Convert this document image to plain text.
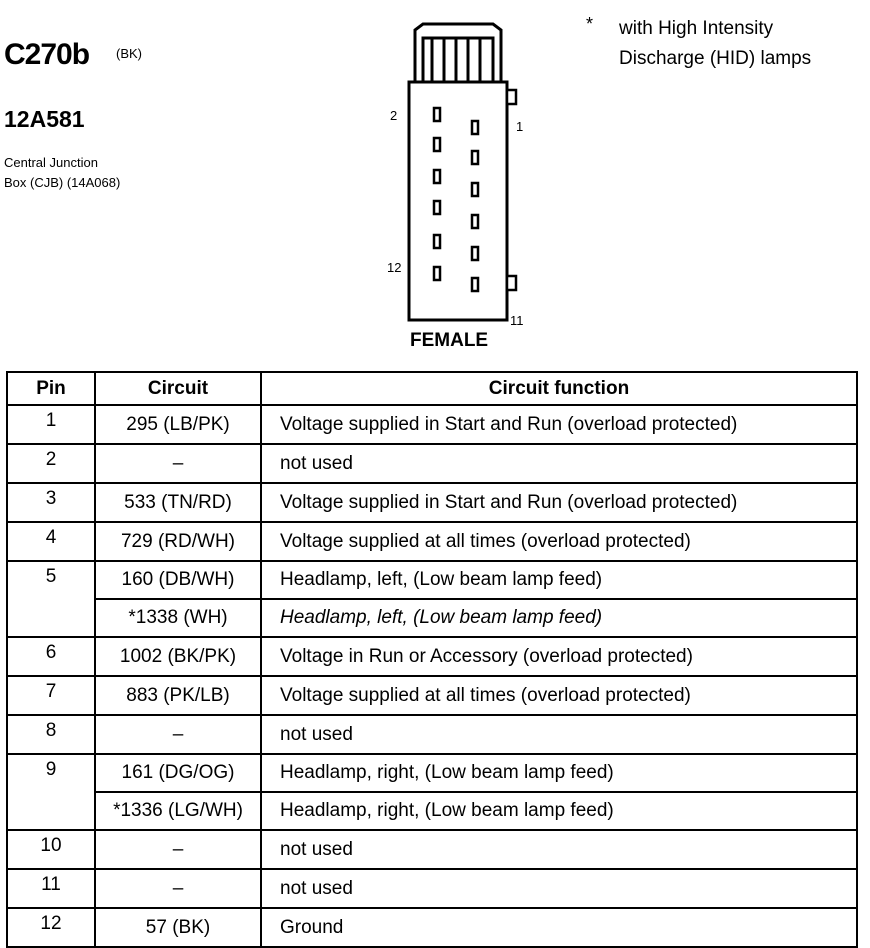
C270b (BK)
12A581
Central Junction
Box (CJB) (14A068)
* with High Intensity
Discharge (HID) lamps
2
1
12
11
FEMALE
Pin	Circuit	Circuit function
1	295 (LB/PK)	Voltage supplied in Start and Run (overload protected)
2	–	not used
3	533 (TN/RD)	Voltage supplied in Start and Run (overload protected)
4	729 (RD/WH)	Voltage supplied at all times (overload protected)
5	160 (DB/WH)	Headlamp, left, (Low beam lamp feed)
	*1338 (WH)	Headlamp, left, (Low beam lamp feed)
6	1002 (BK/PK)	Voltage in Run or Accessory (overload protected)
7	883 (PK/LB)	Voltage supplied at all times (overload protected)
8	–	not used
9	161 (DG/OG)	Headlamp, right, (Low beam lamp feed)
	*1336 (LG/WH)	Headlamp, right, (Low beam lamp feed)
10	–	not used
11	–	not used
12	57 (BK)	Ground
